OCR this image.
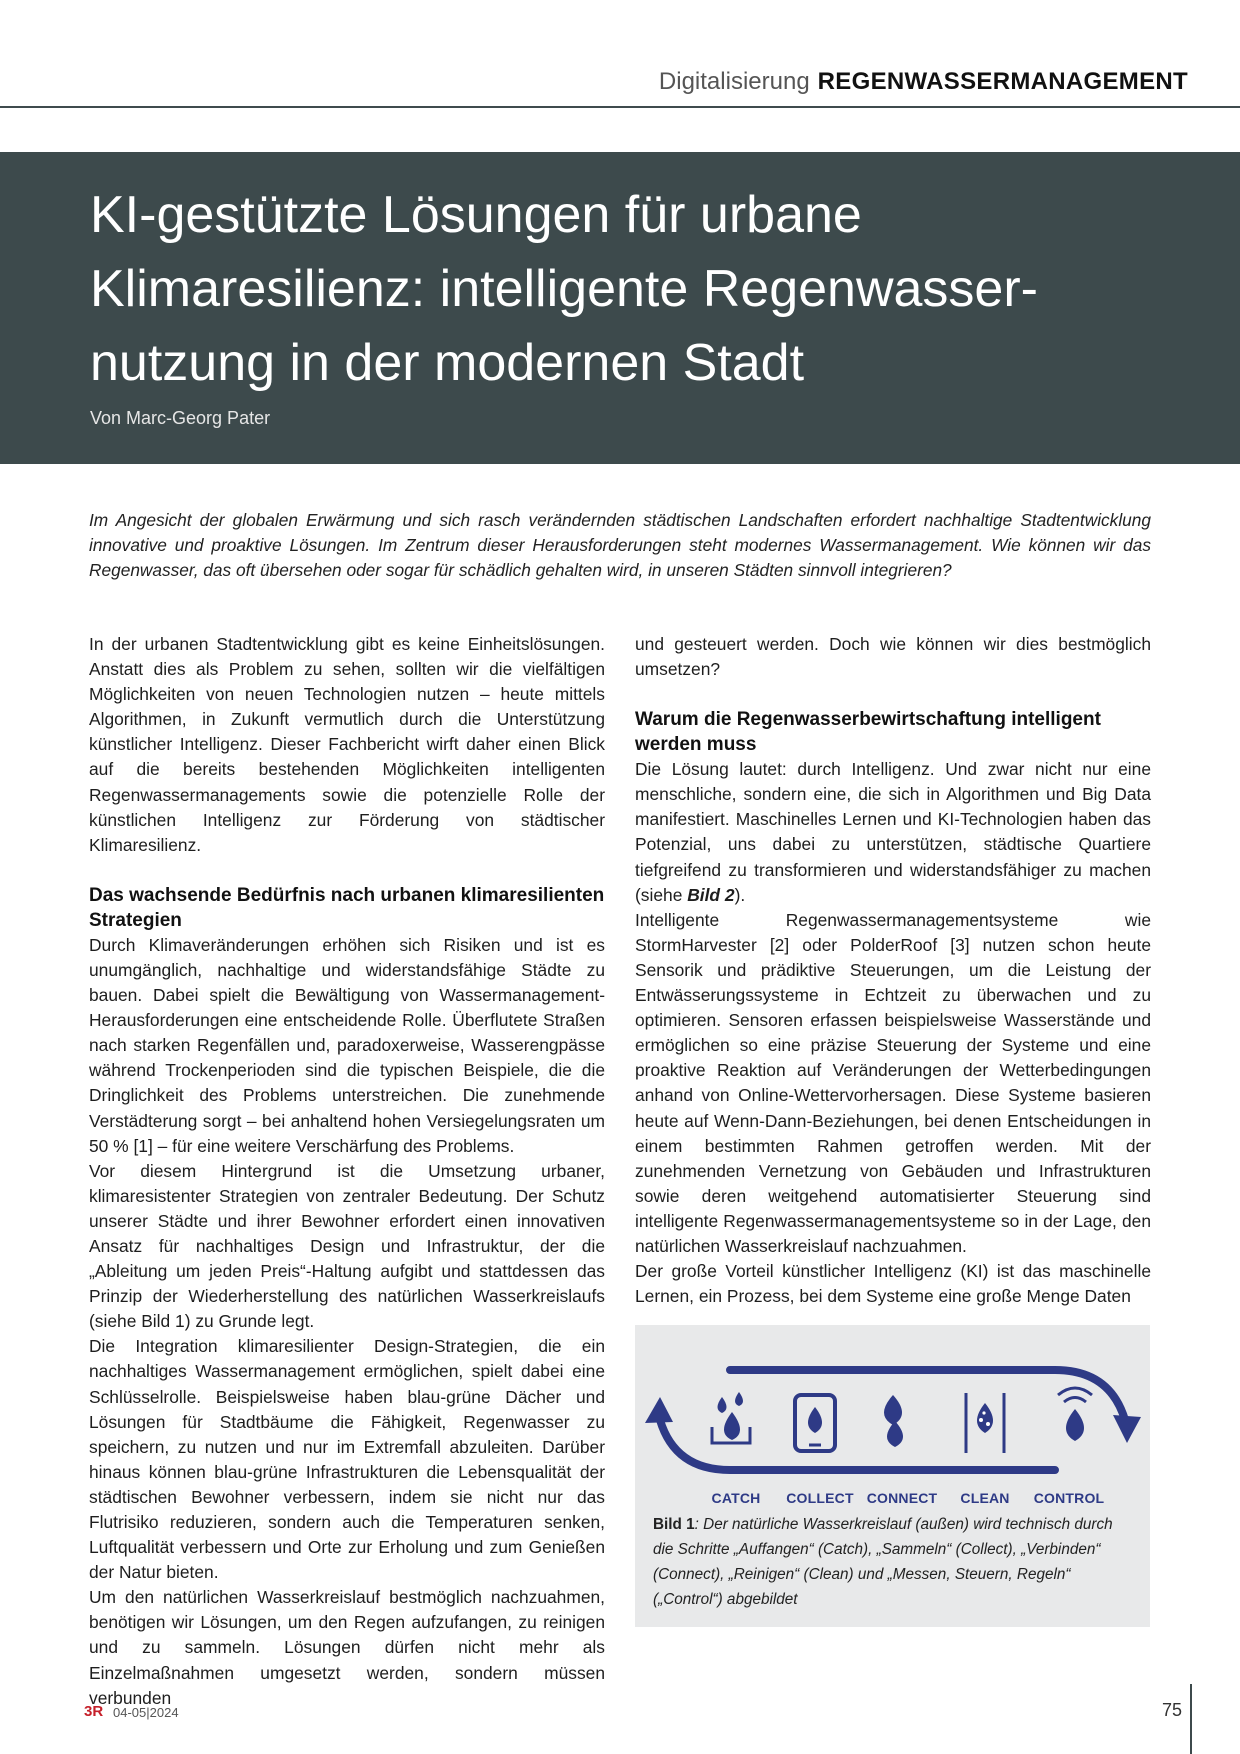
Digitalisierung REGENWASSERMANAGEMENT
KI-gestützte Lösungen für urbane
Klimaresilienz: intelligente Regenwasser-
nutzung in der modernen Stadt
Von Marc-Georg Pater
Im Angesicht der globalen Erwärmung und sich rasch verändernden städtischen Landschaften erfordert nachhaltige Stadtentwicklung innovative und proaktive Lösungen. Im Zentrum dieser Herausforderungen steht modernes Wassermanagement. Wie können wir das Regenwasser, das oft übersehen oder sogar für schädlich gehalten wird, in unseren Städten sinnvoll integrieren?

In der urbanen Stadtentwicklung gibt es keine Einheitslösungen. Anstatt dies als Problem zu sehen, sollten wir die vielfältigen Möglichkeiten von neuen Technologien nutzen – heute mittels Algorithmen, in Zukunft vermutlich durch die Unterstützung künstlicher Intelligenz. Dieser Fachbericht wirft daher einen Blick auf die bereits bestehenden Möglichkeiten intelligenten Regenwassermanagements sowie die potenzielle Rolle der künstlichen Intelligenz zur Förderung von städtischer Klimaresilienz.

Das wachsende Bedürfnis nach urbanen klimaresilienten Strategien

Durch Klimaveränderungen erhöhen sich Risiken und ist es unumgänglich, nachhaltige und widerstandsfähige Städte zu bauen. Dabei spielt die Bewältigung von Wassermanagement-Herausforderungen eine entscheidende Rolle. Überflutete Straßen nach starken Regenfällen und, paradoxerweise, Wasserengpässe während Trockenperioden sind die typischen Beispiele, die die Dringlichkeit des Problems unterstreichen. Die zunehmende Verstädterung sorgt – bei anhaltend hohen Versiegelungsraten um 50 % [1] – für eine weitere Verschärfung des Problems.

Vor diesem Hintergrund ist die Umsetzung urbaner, klimaresistenter Strategien von zentraler Bedeutung. Der Schutz unserer Städte und ihrer Bewohner erfordert einen innovativen Ansatz für nachhaltiges Design und Infrastruktur, der die „Ableitung um jeden Preis“-Haltung aufgibt und stattdessen das Prinzip der Wiederherstellung des natürlichen Wasserkreislaufs (siehe Bild 1) zu Grunde legt.

Die Integration klimaresilienter Design-Strategien, die ein nachhaltiges Wassermanagement ermöglichen, spielt dabei eine Schlüsselrolle. Beispielsweise haben blau-grüne Dächer und Lösungen für Stadtbäume die Fähigkeit, Regenwasser zu speichern, zu nutzen und nur im Extremfall abzuleiten. Darüber hinaus können blau-grüne Infrastrukturen die Lebensqualität der städtischen Bewohner verbessern, indem sie nicht nur das Flutrisiko reduzieren, sondern auch die Temperaturen senken, Luftqualität verbessern und Orte zur Erholung und zum Genießen der Natur bieten.

Um den natürlichen Wasserkreislauf bestmöglich nachzuahmen, benötigen wir Lösungen, um den Regen aufzufangen, zu reinigen und zu sammeln. Lösungen dürfen nicht mehr als Einzelmaßnahmen umgesetzt werden, sondern müssen verbunden

und gesteuert werden. Doch wie können wir dies bestmöglich umsetzen?

Warum die Regenwasserbewirtschaftung intelligent werden muss

Die Lösung lautet: durch Intelligenz. Und zwar nicht nur eine menschliche, sondern eine, die sich in Algorithmen und Big Data manifestiert. Maschinelles Lernen und KI-Technologien haben das Potenzial, uns dabei zu unterstützen, städtische Quartiere tiefgreifend zu transformieren und widerstandsfähiger zu machen (siehe Bild 2).

Intelligente Regenwassermanagementsysteme wie StormHarvester [2] oder PolderRoof [3] nutzen schon heute Sensorik und prädiktive Steuerungen, um die Leistung der Entwässerungssysteme in Echtzeit zu überwachen und zu optimieren. Sensoren erfassen beispielsweise Wasserstände und ermöglichen so eine präzise Steuerung der Systeme und eine proaktive Reaktion auf Veränderungen der Wetterbedingungen anhand von Online-Wettervorhersagen. Diese Systeme basieren heute auf Wenn-Dann-Beziehungen, bei denen Entscheidungen in einem bestimmten Rahmen getroffen werden. Mit der zunehmenden Vernetzung von Gebäuden und Infrastrukturen sowie deren weitgehend automatisierter Steuerung sind intelligente Regenwassermanagementsysteme so in der Lage, den natürlichen Wasserkreislauf nachzuahmen.

Der große Vorteil künstlicher Intelligenz (KI) ist das maschinelle Lernen, ein Prozess, bei dem Systeme eine große Menge Daten

CATCH COLLECT CONNECT CLEAN CONTROL
Bild 1: Der natürliche Wasserkreislauf (außen) wird technisch durch die Schritte „Auffangen“ (Catch), „Sammeln“ (Collect), „Verbinden“ (Connect), „Reinigen“ (Clean) und „Messen, Steuern, Regeln“ („Control“) abgebildet
3R 04-05|2024	75
